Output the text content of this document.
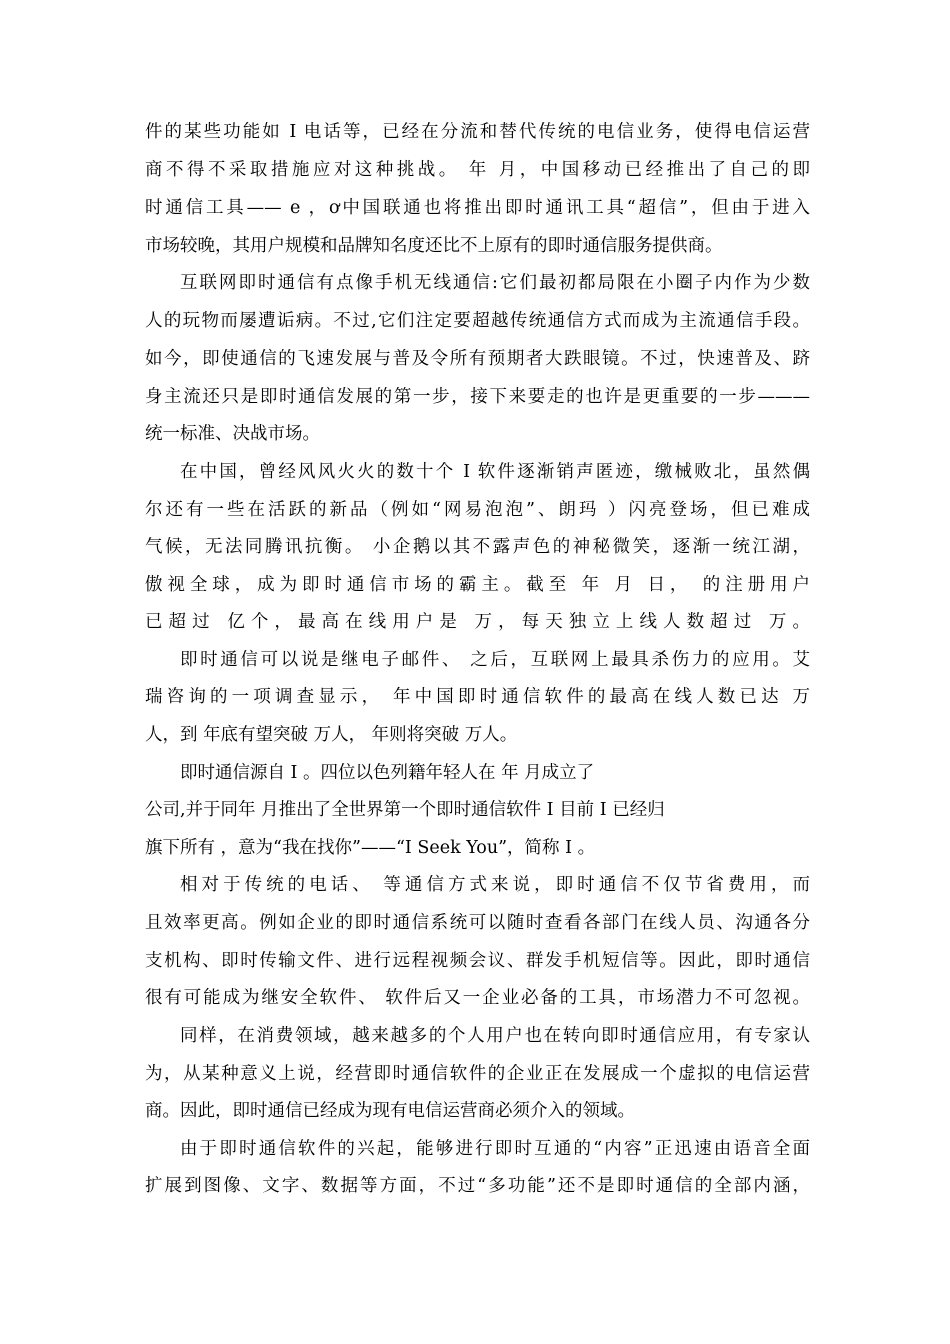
件的某些功能如 I 电话等，已经在分流和替代传统的电信业务，使得电信运营

商不得不采取措施应对这种挑战。 年 月，中国移动已经推出了自己的即

时通信工具—— e ，ơ中国联通也将推出即时通讯工具“超信”，但由于进入

市场较晚，其用户规模和品牌知名度还比不上原有的即时通信服务提供商。

互联网即时通信有点像手机无线通信:它们最初都局限在小圈子内作为少数

人的玩物而屡遭诟病。不过,它们注定要超越传统通信方式而成为主流通信手段。

如今，即使通信的飞速发展与普及令所有预期者大跌眼镜。不过，快速普及、跻

身主流还只是即时通信发展的第一步，接下来要走的也许是更重要的一步———

统一标准、决战市场。

在中国，曾经风风火火的数十个 I 软件逐渐销声匿迹，缴械败北，虽然偶

尔还有一些在活跃的新品（例如“网易泡泡”、朗玛 ）闪亮登场，但已难成

气候，无法同腾讯抗衡。 小企鹅以其不露声色的神秘微笑，逐渐一统江湖，

傲视全球，成为即时通信市场的霸主。截至 年 月 日， 的注册用户

已超过 亿个，最高在线用户是 万，每天独立上线人数超过 万。

即时通信可以说是继电子邮件、 之后，互联网上最具杀伤力的应用。艾

瑞咨询的一项调查显示， 年中国即时通信软件的最高在线人数已达 万

人，到 年底有望突破 万人， 年则将突破 万人。

即时通信源自 I 。四位以色列籍年轻人在 年 月成立了

公司,并于同年 月推出了全世界第一个即时通信软件 I 目前 I 已经归

旗下所有 ，意为“我在找你”——“I Seek You”，简称 I 。

相对于传统的电话、 等通信方式来说，即时通信不仅节省费用，而

且效率更高。例如企业的即时通信系统可以随时查看各部门在线人员、沟通各分

支机构、即时传输文件、进行远程视频会议、群发手机短信等。因此，即时通信

很有可能成为继安全软件、 软件后又一企业必备的工具，市场潜力不可忽视。

同样，在消费领域，越来越多的个人用户也在转向即时通信应用，有专家认

为，从某种意义上说，经营即时通信软件的企业正在发展成一个虚拟的电信运营

商。因此，即时通信已经成为现有电信运营商必须介入的领域。

由于即时通信软件的兴起，能够进行即时互通的“内容”正迅速由语音全面

扩展到图像、文字、数据等方面，不过“多功能”还不是即时通信的全部内涵，
